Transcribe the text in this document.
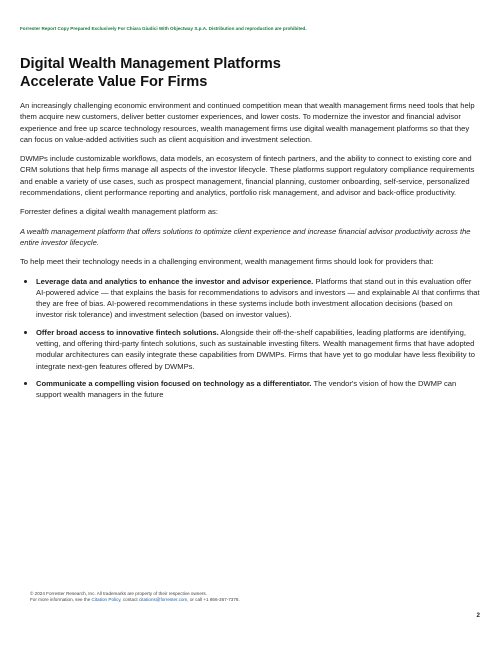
Forrester Report Copy Prepared Exclusively For Chiara Giudici With Objectway S.p.A. Distribution and reproduction are prohibited.
Digital Wealth Management Platforms
Accelerate Value For Firms

An increasingly challenging economic environment and continued competition mean that wealth management firms need tools that help them acquire new customers, deliver better customer experiences, and lower costs. To modernize the investor and financial advisor experience and free up scarce technology resources, wealth management firms use digital wealth management platforms so that they can focus on value-added activities such as client acquisition and investment selection.

DWMPs include customizable workflows, data models, an ecosystem of fintech partners, and the ability to connect to existing core and CRM solutions that help firms manage all aspects of the investor lifecycle. These platforms support regulatory compliance requirements and enable a variety of use cases, such as prospect management, financial planning, customer onboarding, self-service, personalized recommendations, client performance reporting and analytics, portfolio risk management, and advisor and back-office productivity.

Forrester defines a digital wealth management platform as:

A wealth management platform that offers solutions to optimize client experience and increase financial advisor productivity across the entire investor lifecycle.

To help meet their technology needs in a challenging environment, wealth management firms should look for providers that:

Leverage data and analytics to enhance the investor and advisor experience. Platforms that stand out in this evaluation offer AI-powered advice — that explains the basis for recommendations to advisors and investors — and explainable AI that confirms that they are free of bias. AI-powered recommendations in these systems include both investment allocation decisions (based on investor risk tolerance) and investment selection (based on investor values).
Offer broad access to innovative fintech solutions. Alongside their off-the-shelf capabilities, leading platforms are identifying, vetting, and offering third-party fintech solutions, such as sustainable investing filters. Wealth management firms that have adopted modular architectures can easily integrate these capabilities from DWMPs. Firms that have yet to go modular have less flexibility to integrate next-gen features offered by DWMPs.
Communicate a compelling vision focused on technology as a differentiator. The vendor's vision of how the DWMP can support wealth managers in the future
© 2024 Forrester Research, Inc. All trademarks are property of their respective owners.
For more information, see the Citation Policy, contact citations@forrester.com, or call +1 866-367-7378.
2
